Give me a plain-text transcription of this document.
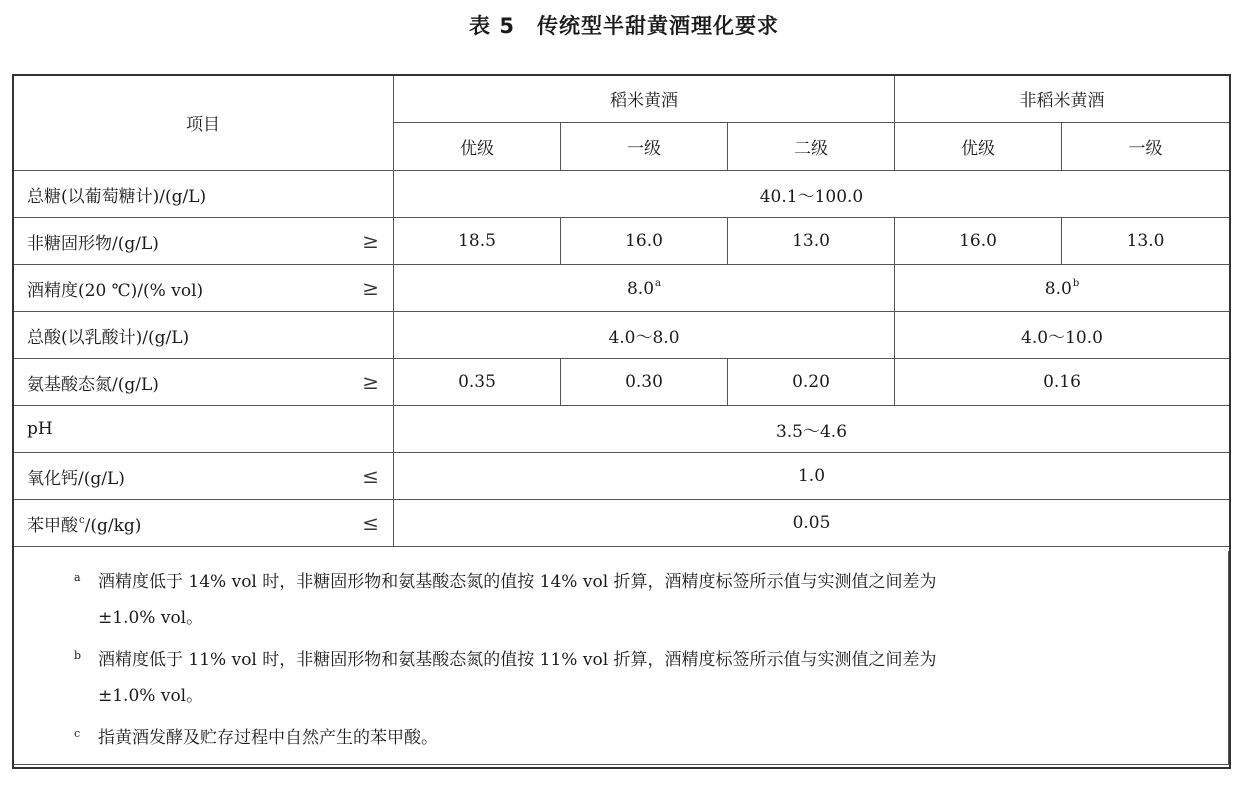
表 5 传统型半甜黄酒理化要求
项目	稻米黄酒			非稻米黄酒	
	优级	一级	二级	优级	一级
总糖(以葡萄糖计)/(g/L)	40.1～100.0				
非糖固形物/(g/L) ≥	18.5	16.0	13.0	16.0	13.0
酒精度(20 ℃)/(% vol) ≥	8.0$^a$			8.0$^b$
总酸(以乳酸计)/(g/L)	4.0～8.0			4.0～10.0	
氨基酸态氮/(g/L) ≥	0.35	0.30	0.20	0.16	
pH	3.5～4.6				
氧化钙/(g/L) ≤	1.0				
苯甲酸$^c$/(g/kg) ≤	0.05				
a 酒精度低于 14% vol 时，非糖固形物和氨基酸态氮的值按 14% vol 折算，酒精度标签所示值与实测值之间差为
±1.0% vol。
b 酒精度低于 11% vol 时，非糖固形物和氨基酸态氮的值按 11% vol 折算，酒精度标签所示值与实测值之间差为
±1.0% vol。
c 指黄酒发酵及贮存过程中自然产生的苯甲酸。
